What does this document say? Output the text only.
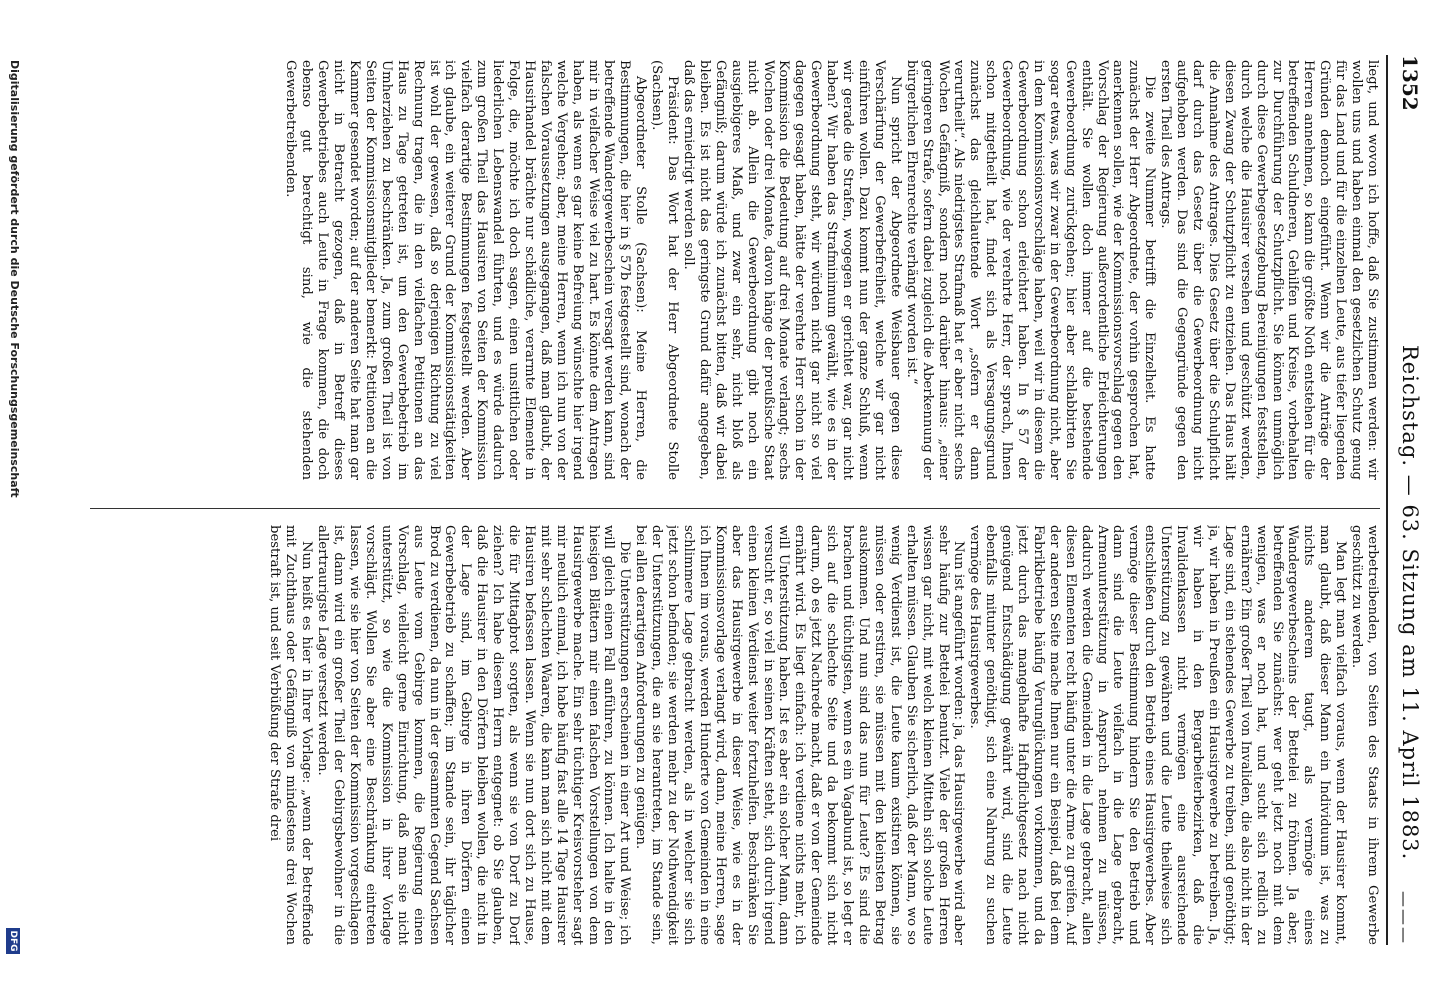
1352
Reichstag. — 63. Sitzung am 11. April 1883.
———

liegt, und wovon ich hoffe, daß Sie zustimmen werden: wir wollen uns und haben einmal den gesetzlichen Schutz genug für das Land und für die einzelnen Leute, aus tiefer liegenden Gründen dennoch eingeführt. Wenn wir die Anträge der Herren annehmen, so kann die größte Noth entstehen für die betreffenden Schuldneren, Gehilfen und Kreise, vorbehalten zur Durchführung der Schutzpflicht. Sie können unmöglich durch diese Gewerbegesetzgebung Bereinigungen feststellen, durch welche die Hausirer versehen und geschützt werden, diesen Zwang der Schutzpflicht zu entziehen. Das Haus hält die Annahme des Antrages. Dies Gesetz über die Schulpflicht darf durch das Gesetz über die Gewerbeordnung nicht aufgehoben werden. Das sind die Gegengründe gegen den ersten Theil des Antrags.

Die zweite Nummer betrifft die Einzelheit. Es hatte zunächst der Herr Abgeordnete, der vorhin gesprochen hat, anerkennen sollen, wie der Kommissionsvorschlag gegen den Vorschlag der Regierung außerordentliche Erleichterungen enthält. Sie wollen doch immer auf die bestehende Gewerbeordnung zurückgehen; hier aber schlabbirten Sie sogar etwas, was wir zwar in der Gewerbeordnung nicht, aber in dem Kommissionsvorschläge haben, weil wir in diesem die Gewerbeordnung schon erleichtert haben. In § 57 der Gewerbeordnung, wie der verehrte Herr, der sprach, Ihnen schon mitgetheilt hat, findet sich als Versagungsgrund zunächst das gleichlautende Wort „sofern er dann verurtheilt“. Als niedrigstes Strafmaß hat er aber nicht sechs Wochen Gefängniß, sondern noch darüber hinaus: „einer geringeren Strafe, sofern dabei zugleich die Aberkennung der bürgerlichen Ehrenrechte verhängt worden ist.“

Nun spricht der Abgeordnete Weisbauer gegen diese Verschärfung der Gewerbefreiheit, welche wir gar nicht einführen wollen. Dazu kommt nun der ganze Schluß, wenn wir gerade die Strafen, wogegen er gerichtet war, gar nicht haben? Wir haben das Strafminimum gewählt, wie es in der Gewerbeordnung steht, wir würden nicht gar nicht so viel dagegen gesagt haben, hätte der verehrte Herr schon in der Kommission die Bedeutung auf drei Monate verlangt; sechs Wochen oder drei Monate, davon hänge der preußische Staat nicht ab. Allein die Gewerbeordnung gibt noch ein ausgiebigeres Maß, und zwar ein sehr, nicht bloß als Gefängniß; darum würde ich zunächst bitten, daß wir dabei bleiben. Es ist nicht das geringste Grund dafür angegeben, daß das erniedrigt werden soll.

Präsident: Das Wort hat der Herr Abgeordnete Stolle (Sachsen).

Abgeordneter Stolle (Sachsen): Meine Herren, die Bestimmungen, die hier in § 57b festgestellt sind, wonach der betreffende Wandergewerbeschein versagt werden kann, sind mir in vielfacher Weise viel zu hart. Es könnte dem Antragen haben, als wenn es gar keine Befreiung wünschte hier irgend welche Vergehen; aber, meine Herren, wenn ich nun von der falschen Voraussetzungen ausgegangen, daß man glaubt, der Hausirhandel brächte nur schädliche, verarmte Elemente in Folge, die, möchte ich doch sagen, einen unsittlichen oder liederlichen Lebenswandel führten, und es würde dadurch zum großen Theil das Hausiren von Seiten der Kommission vielfach derartige Bestimmungen festgestellt werden. Aber ich glaube, ein weiterer Grund der Kommissionsstätigkeiten ist wohl der gewesen, daß so derjenigen Richtung zu viel Rechnung tragen, die in den vielfachen Petitionen an das Haus zu Tage getreten ist, um den Gewerbebetrieb im Umherziehen zu beschränken. Ja, zum großen Theil ist von Seiten der Kommissionsmitglieder bemerkt: Petitionen an die Kammer gesendet worden; auf der anderen Seite hat man gar nicht in Betracht gezogen, daß in Betreff dieses Gewerbebetriebes auch Leute in Frage kommen, die doch ebenso gut berechtigt sind, wie die stehenden Gewerbetreibenden.

werbetreibenden, von Seiten des Staats in ihrem Gewerbe geschützt zu werden.

Man legt man vielfach voraus, wenn der Hausirer kommt, man glaubt, daß dieser Mann ein Individuum ist, was zu nichts anderem taugt, als vermöge eines Wandergewerbescheins der Bettelei zu fröhnen. Ja aber, betreffenden Sie zunächst: wer geht jetzt noch mit dem wenigen, was er noch hat, und sucht sich redlich zu ernähren? Ein großer Theil von Invaliden, die also nicht in der Lage sind, ein stehendes Gewerbe zu treiben, sind genöthigt; ja, wir haben in Preußen ein Hausirgewerbe zu betreiben. Ja, wir haben in den Bergarbeiterbezirken, daß die Invalidenkassen nicht vermögen eine ausreichende Unterstützung zu gewähren und die Leute theilweise sich entschließen durch den Betrieb eines Hausirgewerbes. Aber vermöge dieser Bestimmung hindern Sie den Betrieb und dann sind die Leute vielfach in die Lage gebracht, Armenunterstützung in Anspruch nehmen zu müssen, dadurch werden die Gemeinden in die Lage gebracht, allen diesen Elementen recht häufig unter die Arme zu greifen. Auf der anderen Seite mache Ihnen nur ein Beispiel, daß bei dem Fabrikbetriebe häufig Verunglückungen vorkommen, und da jetzt durch das mangelhafte Haftpflichtgesetz nach nicht genügend Entschädigung gewährt wird, sind die Leute ebenfalls mitunter genöthigt, sich eine Nahrung zu suchen vermöge des Hausirgewerbes.

Nun ist angeführt worden: ja, das Hausirgewerbe wird aber sehr häufig zur Bettelei benutzt. Viele der großen Herren wissen gar nicht, mit welch kleinen Mitteln sich solche Leute erhalten müssen. Glauben Sie sicherlich, daß der Mann, wo so wenig Verdienst ist, die Leute kaum existiren können, sie müssen oder erstiren, sie müssen mit den kleinsten Betrag auskommen. Und nun sind das nun für Leute? Es sind die brachen und tüchtigsten, wenn es ein Vagabund ist, so legt er sich auf die schlechte Seite und da bekommt sich nicht darum, ob es jetzt Nachrede macht, daß er von der Gemeinde ernährt wird. Es liegt einfach: ich verdiene nichts mehr, ich will Unterstützung haben. Ist es aber ein solcher Mann, dann versucht er, so viel in seinen Kräften steht, sich durch irgend einen kleinen Verdienst weiter fortzuhelfen. Beschränken Sie aber das Hausirgewerbe in dieser Weise, wie es in der Kommissionsvorlage verlangt wird, dann, meine Herren, sage ich Ihnen im voraus, werden Hunderte von Gemeinden in eine schlimmere Lage gebracht werden, als in welcher sie sich jetzt schon befinden; sie werden mehr zu der Nothwendigkeit der Unterstützungen, die an sie herantreten, im Stande sein, bei allen derartigen Anforderungen zu genügen.

Die Unterstützungen erscheinen in einer Art und Weise; ich will gleich einen Fall anführen, zu können. Ich halte in den hiesigen Blättern mir einen falschen Vorstellungen von dem Hausirgewerbe mache. Ein sehr tüchtiger Kreisvorsteher sagt mir neulich einmal, ich habe häufig fast alle 14 Tage Hausirer mit sehr schlechten Waaren, die kann man sich nicht mit dem Hausiren befassen lassen. Wenn sie nun dort sich zu Hause, die für Mittagbrot sorgten, als wenn sie von Dorf zu Dorf ziehen? Ich habe diesem Herrn entgegnet: ob Sie glauben, daß die Hausirer in den Dörfern bleiben wollen, die nicht in der Lage sind, im Gebirge in ihren Dörfern einen Gewerbebetrieb zu schaffen; im Stande sein, ihr täglicher Brod zu verdienen, da nun in der gesammten Gegend Sachsen aus Leute vom Gebirge kommen, die Regierung einen Vorschlag, vielleicht gerne Einrichtung, daß man sie nicht unterstützt, so wie die Kommission in ihrer Vorlage vorschlägt. Wollen Sie aber eine Beschränkung eintreten lassen, wie sie hier von Seiten der Kommission vorgeschlagen ist, dann wird ein großer Theil der Gebirgsbewohner in die allertraurigste Lage versetzt werden.

Nun heißt es hier in Ihrer Vorlage: „wenn der Betreffende mit Zuchthaus oder Gefängniß von mindestens drei Wochen bestraft ist, und seit Verbüßung der Strafe drei

Digitalisierung gefördert durch die Deutsche Forschungsgemeinschaft
DFG
